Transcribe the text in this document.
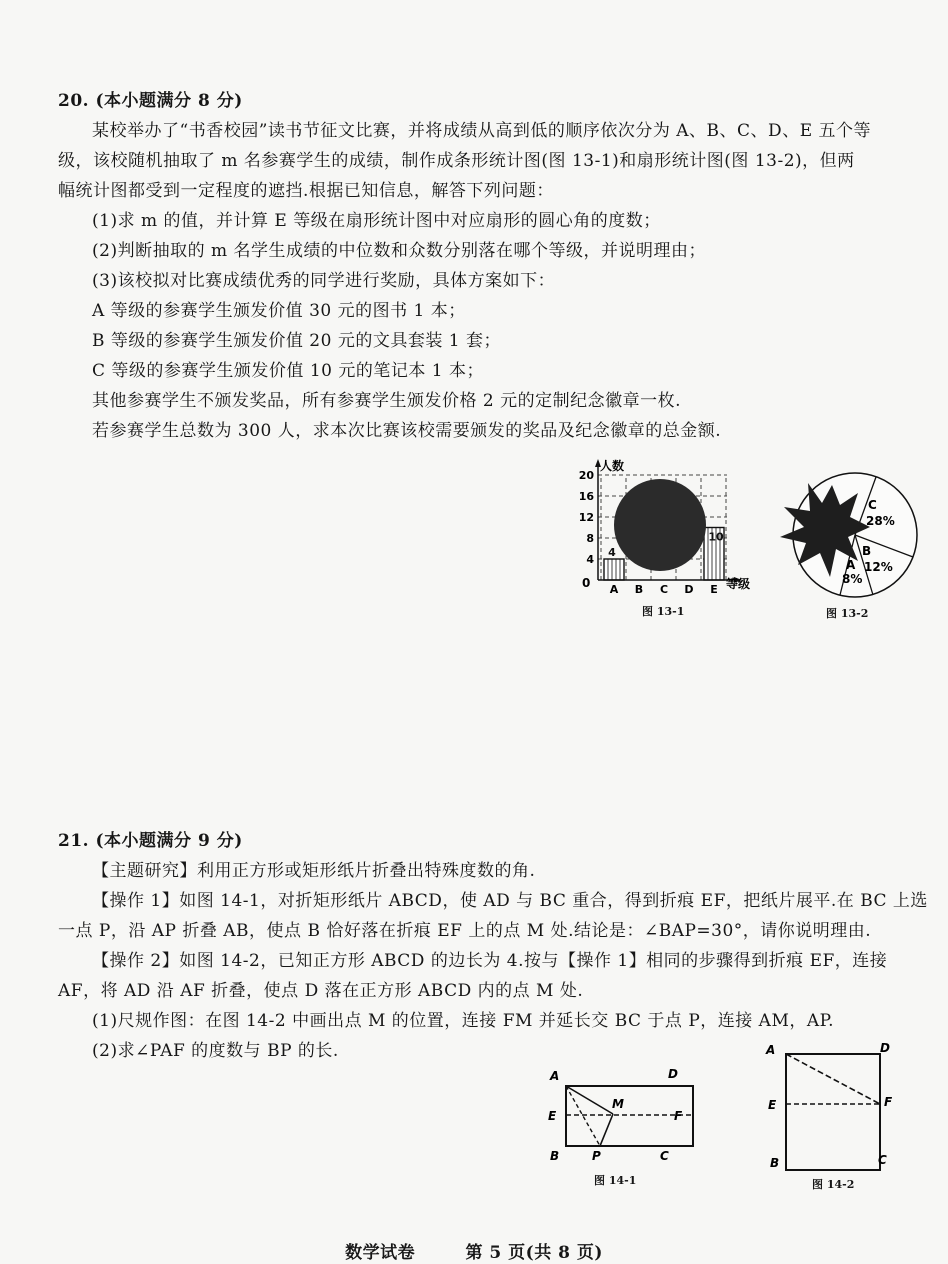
20. (本小题满分 8 分)
某校举办了“书香校园”读书节征文比赛，并将成绩从高到低的顺序依次分为 A、B、C、D、E 五个等
级，该校随机抽取了 m 名参赛学生的成绩，制作成条形统计图(图 13-1)和扇形统计图(图 13-2)，但两
幅统计图都受到一定程度的遮挡.根据已知信息，解答下列问题：
(1)求 m 的值，并计算 E 等级在扇形统计图中对应扇形的圆心角的度数；
(2)判断抽取的 m 名学生成绩的中位数和众数分别落在哪个等级，并说明理由；
(3)该校拟对比赛成绩优秀的同学进行奖励，具体方案如下：
A 等级的参赛学生颁发价值 30 元的图书 1 本；
B 等级的参赛学生颁发价值 20 元的文具套装 1 套；
C 等级的参赛学生颁发价值 10 元的笔记本 1 本；
其他参赛学生不颁发奖品，所有参赛学生颁发价格 2 元的定制纪念徽章一枚.
若参赛学生总数为 300 人，求本次比赛该校需要颁发的奖品及纪念徽章的总金额.
人数
等级
0
4
8
12
16
20
A B C D E
4
10
图 13-1
C
28%
B
12%
A
8%
图 13-2
21. (本小题满分 9 分)
【主题研究】利用正方形或矩形纸片折叠出特殊度数的角.
【操作 1】如图 14-1，对折矩形纸片 ABCD，使 AD 与 BC 重合，得到折痕 EF，把纸片展平.在 BC 上选
一点 P，沿 AP 折叠 AB，使点 B 恰好落在折痕 EF 上的点 M 处.结论是：∠BAP=30°，请你说明理由.
【操作 2】如图 14-2，已知正方形 ABCD 的边长为 4.按与【操作 1】相同的步骤得到折痕 EF，连接
AF，将 AD 沿 AF 折叠，使点 D 落在正方形 ABCD 内的点 M 处.
(1)尺规作图：在图 14-2 中画出点 M 的位置，连接 FM 并延长交 BC 于点 P，连接 AM，AP.
(2)求∠PAF 的度数与 BP 的长.
A	D
E	F
M
B	P	C
图 14-1
A	D
E	F
B	C
图 14-2
数学试卷	第 5 页(共 8 页)
